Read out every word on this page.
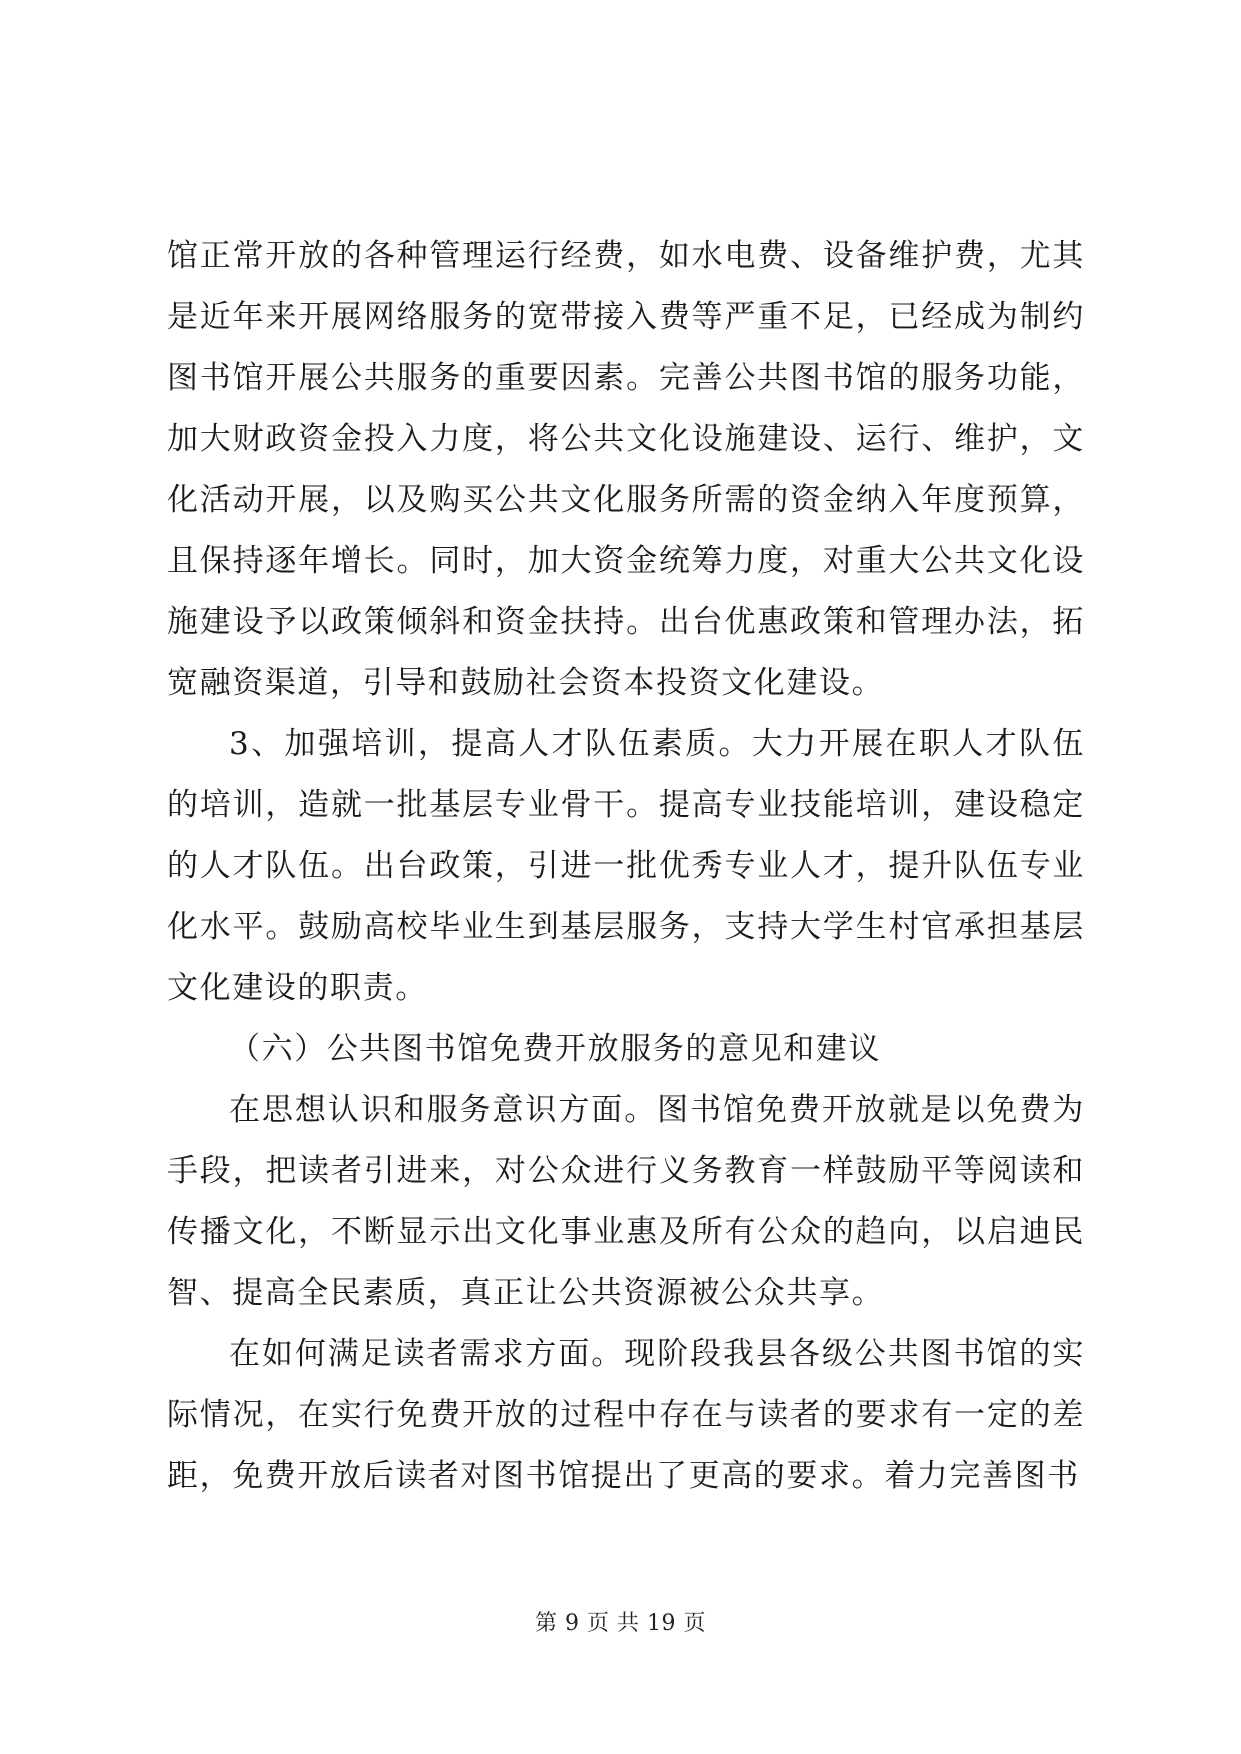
馆正常开放的各种管理运行经费，如水电费、设备维护费，尤其是近年来开展网络服务的宽带接入费等严重不足，已经成为制约图书馆开展公共服务的重要因素。完善公共图书馆的服务功能，加大财政资金投入力度，将公共文化设施建设、运行、维护，文化活动开展，以及购买公共文化服务所需的资金纳入年度预算，且保持逐年增长。同时，加大资金统筹力度，对重大公共文化设施建设予以政策倾斜和资金扶持。出台优惠政策和管理办法，拓宽融资渠道，引导和鼓励社会资本投资文化建设。

3、加强培训，提高人才队伍素质。大力开展在职人才队伍的培训，造就一批基层专业骨干。提高专业技能培训，建设稳定的人才队伍。出台政策，引进一批优秀专业人才，提升队伍专业化水平。鼓励高校毕业生到基层服务，支持大学生村官承担基层文化建设的职责。

（六）公共图书馆免费开放服务的意见和建议

在思想认识和服务意识方面。图书馆免费开放就是以免费为手段，把读者引进来，对公众进行义务教育一样鼓励平等阅读和传播文化，不断显示出文化事业惠及所有公众的趋向，以启迪民智、提高全民素质，真正让公共资源被公众共享。

在如何满足读者需求方面。现阶段我县各级公共图书馆的实际情况，在实行免费开放的过程中存在与读者的要求有一定的差距，免费开放后读者对图书馆提出了更高的要求。着力完善图书

第 9 页 共 19 页
